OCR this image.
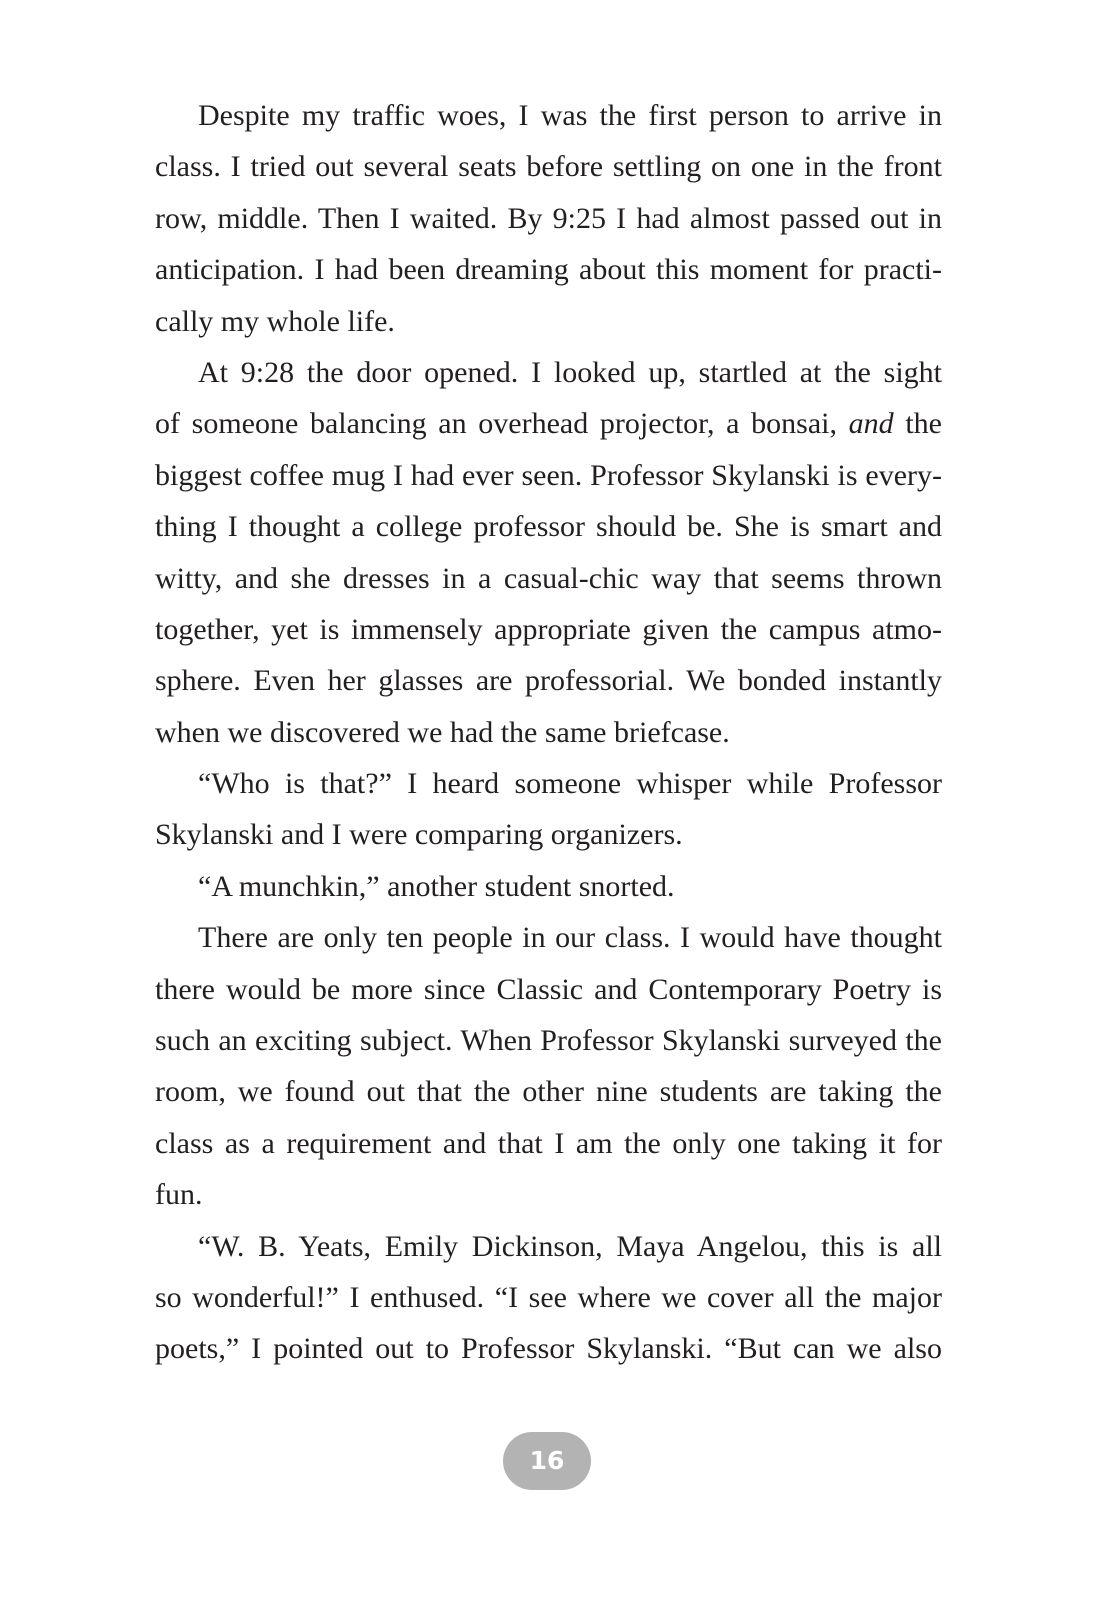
Despite my traffic woes, I was the first person to arrive in
class. I tried out several seats before settling on one in the front
row, middle. Then I waited. By 9:25 I had almost passed out in
anticipation. I had been dreaming about this moment for practi-
cally my whole life.
At 9:28 the door opened. I looked up, startled at the sight
of someone balancing an overhead projector, a bonsai, and the
biggest coffee mug I had ever seen. Professor Skylanski is every-
thing I thought a college professor should be. She is smart and
witty, and she dresses in a casual-chic way that seems thrown
together, yet is immensely appropriate given the campus atmo-
sphere. Even her glasses are professorial. We bonded instantly
when we discovered we had the same briefcase.
“Who is that?” I heard someone whisper while Professor
Skylanski and I were comparing organizers.
“A munchkin,” another student snorted.
There are only ten people in our class. I would have thought
there would be more since Classic and Contemporary Poetry is
such an exciting subject. When Professor Skylanski surveyed the
room, we found out that the other nine students are taking the
class as a requirement and that I am the only one taking it for
fun.
“W. B. Yeats, Emily Dickinson, Maya Angelou, this is all
so wonderful!” I enthused. “I see where we cover all the major
poets,” I pointed out to Professor Skylanski. “But can we also
16
